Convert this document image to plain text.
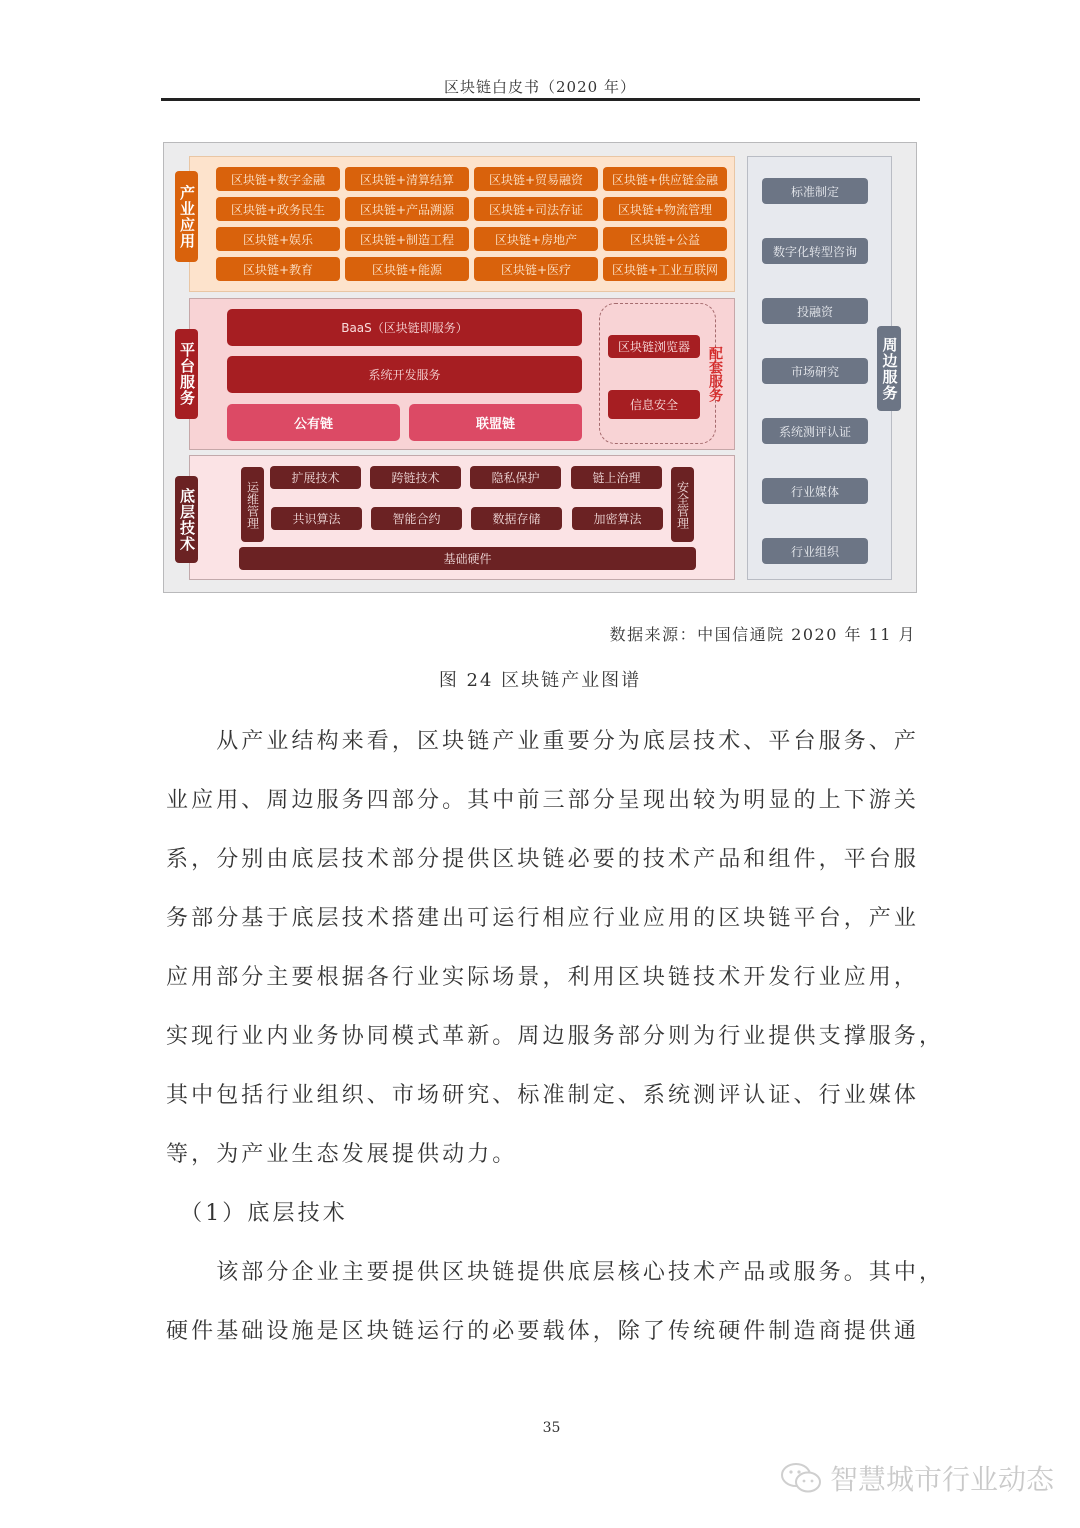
区块链白皮书（2020 年）
产业应用
区块链+数字金融	区块链+清算结算	区块链+贸易融资	区块链+供应链金融
区块链+政务民生	区块链+产品溯源	区块链+司法存证	区块链+物流管理
区块链+娱乐	区块链+制造工程	区块链+房地产	区块链+公益
区块链+教育	区块链+能源	区块链+医疗	区块链+工业互联网
平台服务
BaaS（区块链即服务）
系统开发服务
公有链	联盟链
区块链浏览器
信息安全
配套服务
底层技术	运维管理	安全管理
扩展技术	跨链技术	隐私保护	链上治理
共识算法	智能合约	数据存储	加密算法
基础硬件
标准制定
数字化转型咨询
投融资
市场研究
系统测评认证
行业媒体
行业组织
周边服务
数据来源：中国信通院 2020 年 11 月
图 24 区块链产业图谱
　　从产业结构来看，区块链产业重要分为底层技术、平台服务、产
业应用、周边服务四部分。其中前三部分呈现出较为明显的上下游关
系，分别由底层技术部分提供区块链必要的技术产品和组件，平台服
务部分基于底层技术搭建出可运行相应行业应用的区块链平台，产业
应用部分主要根据各行业实际场景，利用区块链技术开发行业应用，
实现行业内业务协同模式革新。周边服务部分则为行业提供支撑服务，
其中包括行业组织、市场研究、标准制定、系统测评认证、行业媒体
等，为产业生态发展提供动力。
　（1）底层技术
　　该部分企业主要提供区块链提供底层核心技术产品或服务。其中，
硬件基础设施是区块链运行的必要载体，除了传统硬件制造商提供通
35
智慧城市行业动态
